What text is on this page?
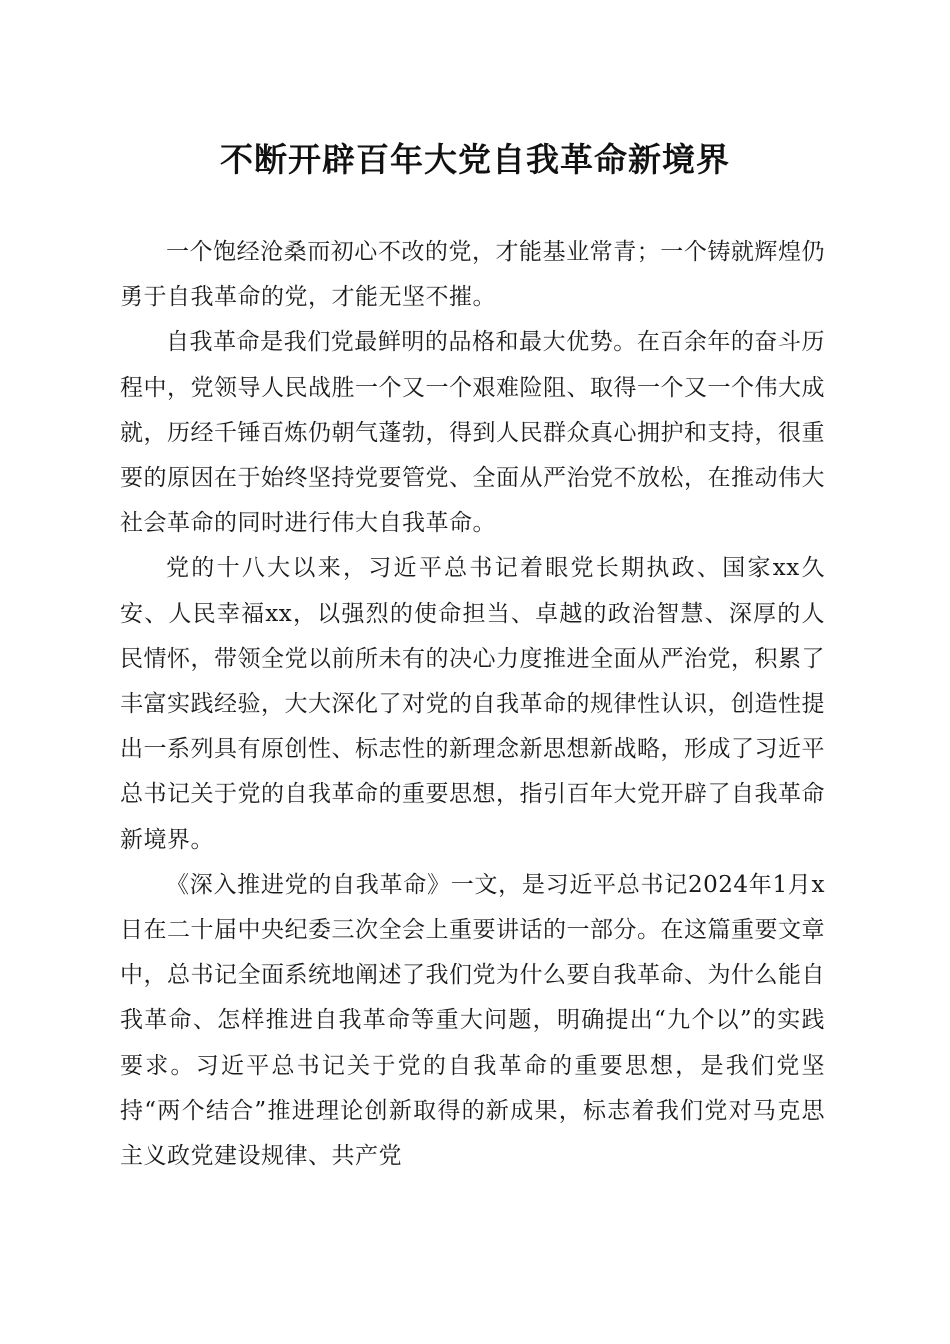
不断开辟百年大党自我革命新境界

一个饱经沧桑而初心不改的党，才能基业常青；一个铸就辉煌仍勇于自我革命的党，才能无坚不摧。

自我革命是我们党最鲜明的品格和最大优势。在百余年的奋斗历程中，党领导人民战胜一个又一个艰难险阻、取得一个又一个伟大成就，历经千锤百炼仍朝气蓬勃，得到人民群众真心拥护和支持，很重要的原因在于始终坚持党要管党、全面从严治党不放松，在推动伟大社会革命的同时进行伟大自我革命。

党的十八大以来，习近平总书记着眼党长期执政、国家xx久安、人民幸福xx，以强烈的使命担当、卓越的政治智慧、深厚的人民情怀，带领全党以前所未有的决心力度推进全面从严治党，积累了丰富实践经验，大大深化了对党的自我革命的规律性认识，创造性提出一系列具有原创性、标志性的新理念新思想新战略，形成了习近平总书记关于党的自我革命的重要思想，指引百年大党开辟了自我革命新境界。

《深入推进党的自我革命》一文，是习近平总书记2024年1月x日在二十届中央纪委三次全会上重要讲话的一部分。在这篇重要文章中，总书记全面系统地阐述了我们党为什么要自我革命、为什么能自我革命、怎样推进自我革命等重大问题，明确提出“九个以”的实践要求。习近平总书记关于党的自我革命的重要思想，是我们党坚持“两个结合”推进理论创新取得的新成果，标志着我们党对马克思主义政党建设规律、共产党
